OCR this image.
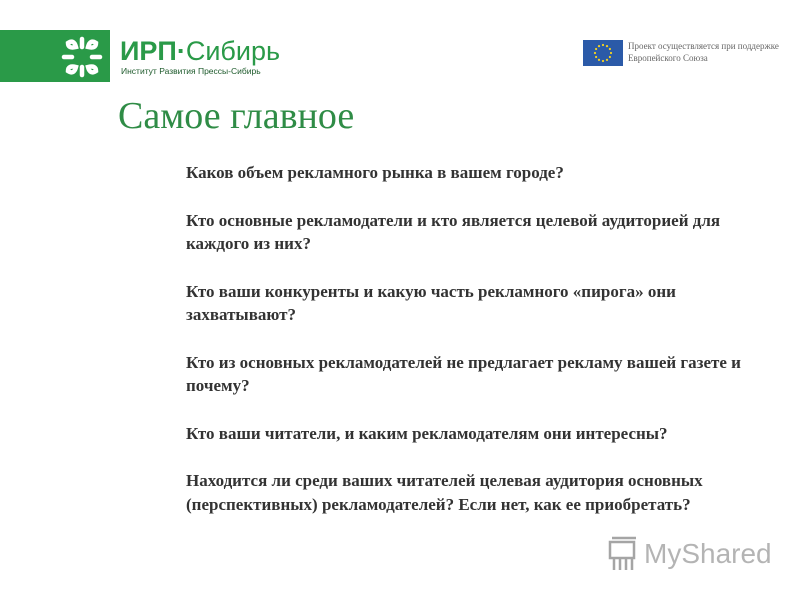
ИРП·Сибирь
Институт Развития Прессы-Сибирь
Проект осуществляется при поддержке Европейского Союза
Самое главное
Каков объем рекламного рынка в вашем городе?
Кто основные рекламодатели и кто является целевой аудиторией для каждого из них?
Кто ваши конкуренты и какую часть рекламного «пирога» они захватывают?
Кто из основных рекламодателей не предлагает рекламу вашей газете и почему?
Кто ваши читатели, и каким рекламодателям они интересны?
Находится ли среди ваших читателей целевая аудитория основных (перспективных) рекламодателей? Если нет, как ее приобретать?
MyShared
